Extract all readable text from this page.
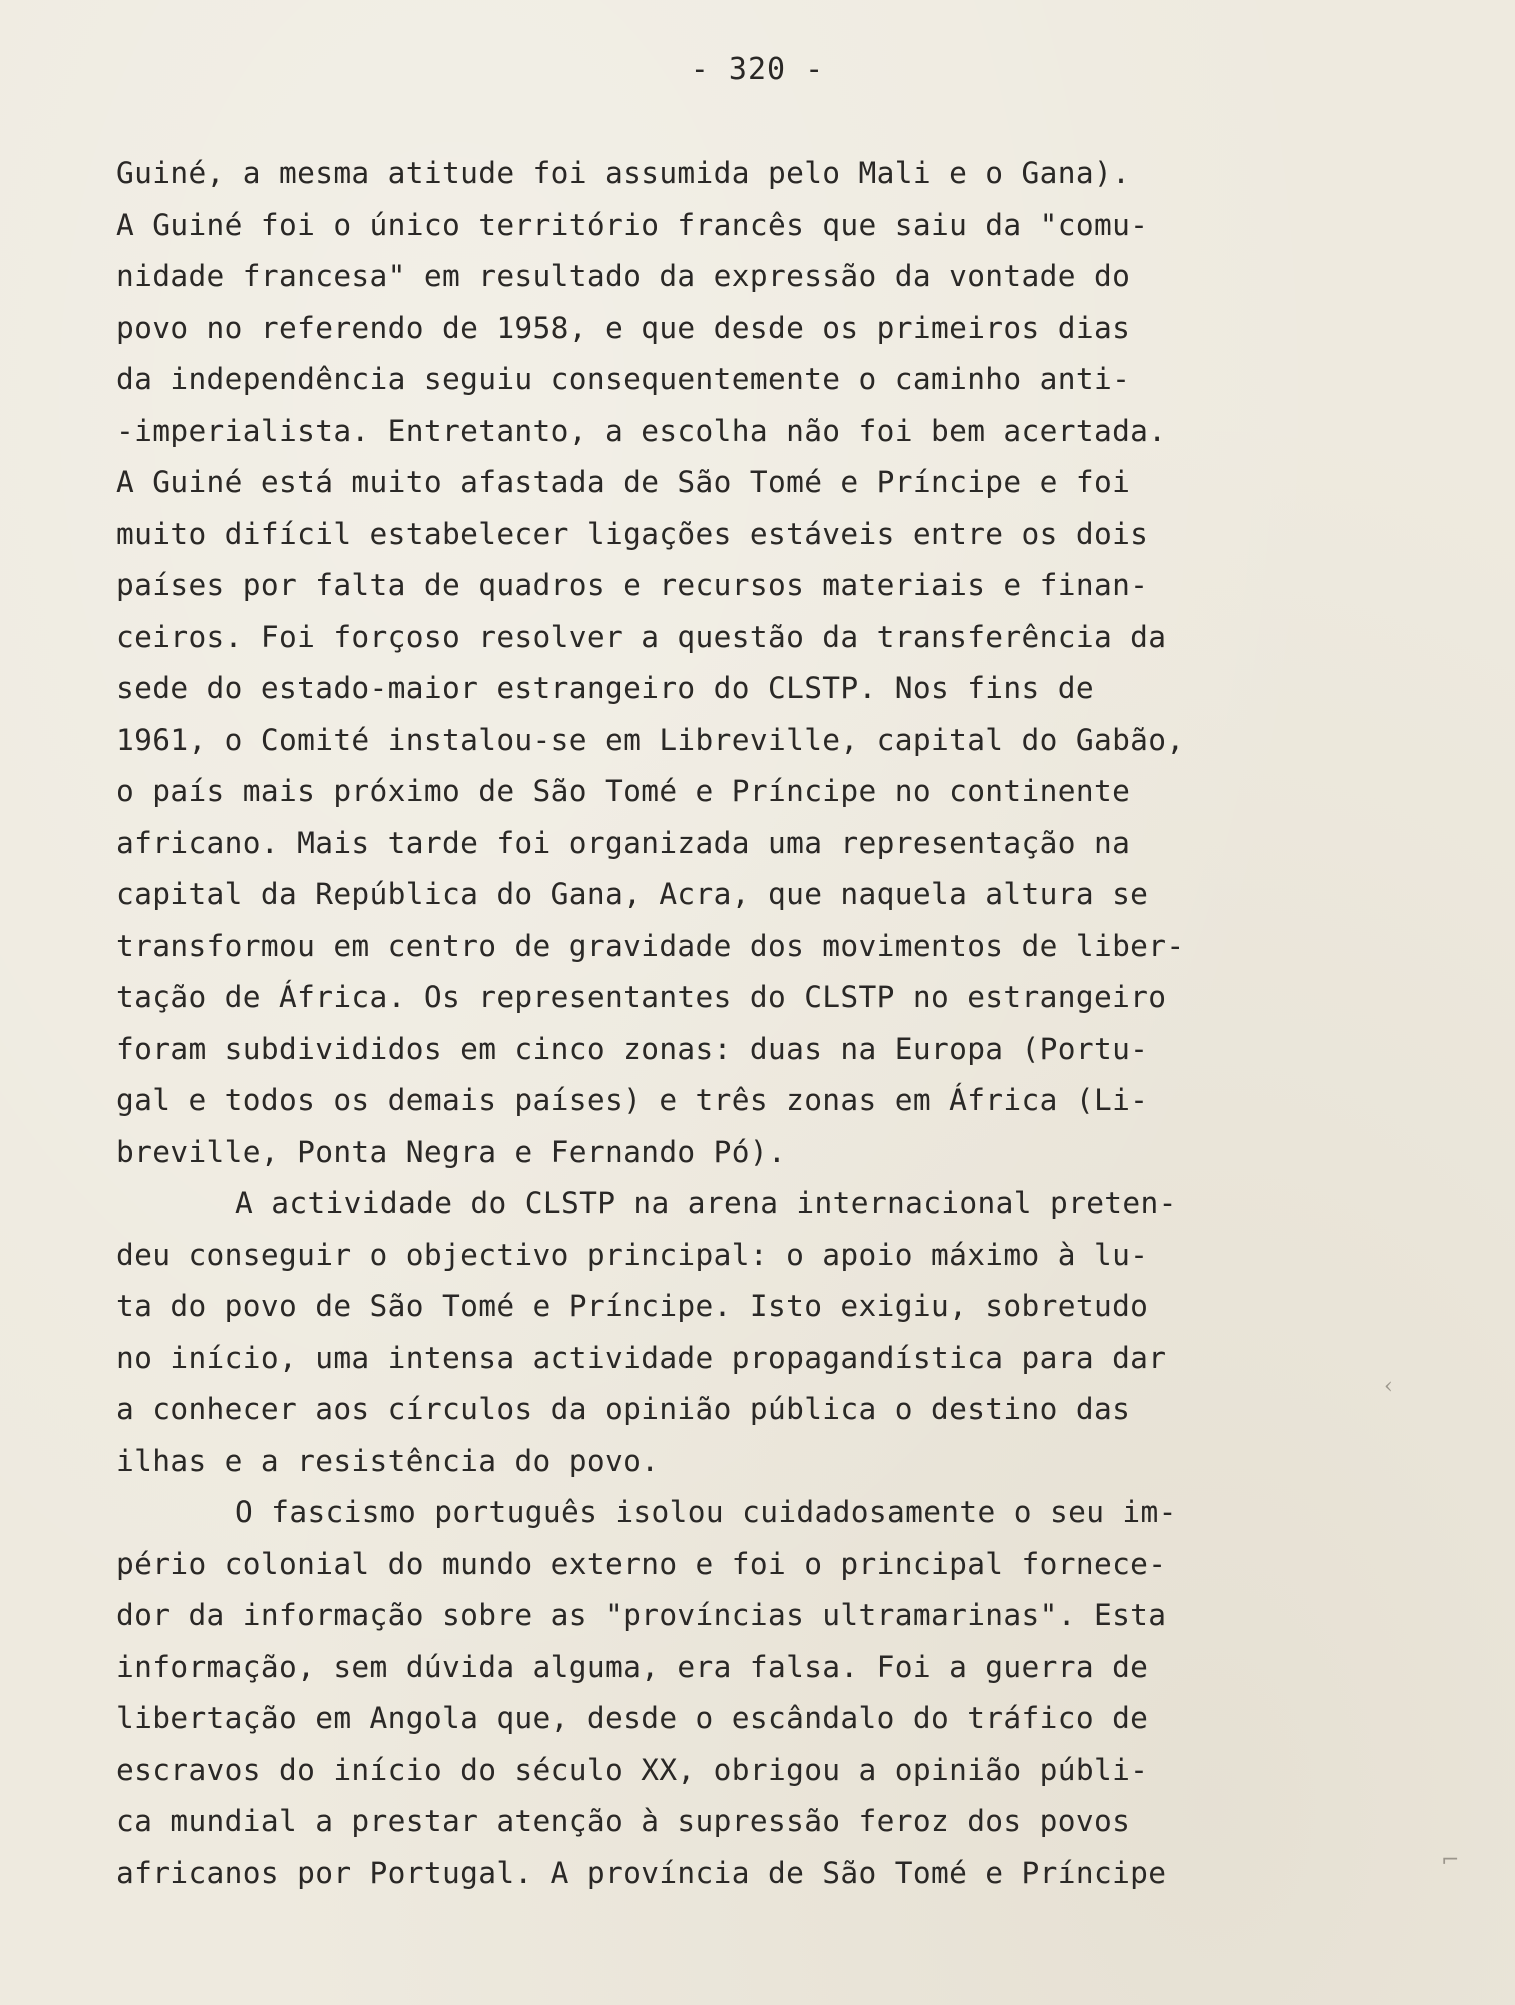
- 320 -
Guiné, a mesma atitude foi assumida pelo Mali e o Gana).
A Guiné foi o único território francês que saiu da "comu-
nidade francesa" em resultado da expressão da vontade do
povo no referendo de 1958, e que desde os primeiros dias
da independência seguiu consequentemente o caminho anti-
-imperialista. Entretanto, a escolha não foi bem acertada.
A Guiné está muito afastada de São Tomé e Príncipe e foi
muito difícil estabelecer ligações estáveis entre os dois
países por falta de quadros e recursos materiais e finan-
ceiros. Foi forçoso resolver a questão da transferência da
sede do estado-maior estrangeiro do CLSTP. Nos fins de
1961, o Comité instalou-se em Libreville, capital do Gabão,
o país mais próximo de São Tomé e Príncipe no continente
africano. Mais tarde foi organizada uma representação na
capital da República do Gana, Acra, que naquela altura se
transformou em centro de gravidade dos movimentos de liber-
tação de África. Os representantes do CLSTP no estrangeiro
foram subdivididos em cinco zonas: duas na Europa (Portu-
gal e todos os demais países) e três zonas em África (Li-
breville, Ponta Negra e Fernando Pó).
A actividade do CLSTP na arena internacional preten-
deu conseguir o objectivo principal: o apoio máximo à lu-
ta do povo de São Tomé e Príncipe. Isto exigiu, sobretudo
no início, uma intensa actividade propagandística para dar
a conhecer aos círculos da opinião pública o destino das
ilhas e a resistência do povo.
O fascismo português isolou cuidadosamente o seu im-
pério colonial do mundo externo e foi o principal fornece-
dor da informação sobre as "províncias ultramarinas". Esta
informação, sem dúvida alguma, era falsa. Foi a guerra de
libertação em Angola que, desde o escândalo do tráfico de
escravos do início do século XX, obrigou a opinião públi-
ca mundial a prestar atenção à supressão feroz dos povos
africanos por Portugal. A província de São Tomé e Príncipe
‹
⌐
